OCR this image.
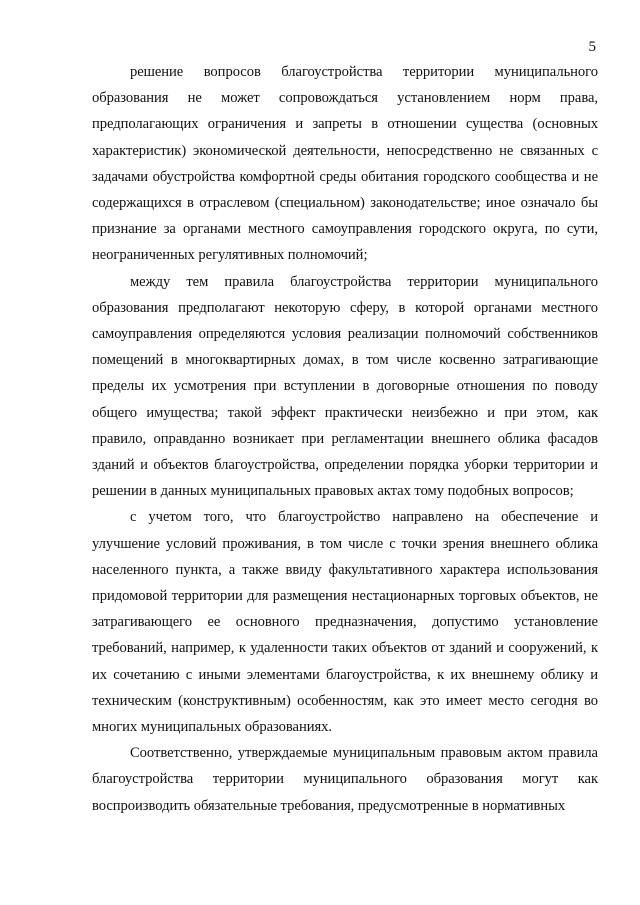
5

решение вопросов благоустройства территории муниципального образования не может сопровождаться установлением норм права, предполагающих ограничения и запреты в отношении существа (основных характеристик) экономической деятельности, непосредственно не связанных с задачами обустройства комфортной среды обитания городского сообщества и не содержащихся в отраслевом (специальном) законодательстве; иное означало бы признание за органами местного самоуправления городского округа, по сути, неограниченных регулятивных полномочий;

между тем правила благоустройства территории муниципального образования предполагают некоторую сферу, в которой органами местного самоуправления определяются условия реализации полномочий собственников помещений в многоквартирных домах, в том числе косвенно затрагивающие пределы их усмотрения при вступлении в договорные отношения по поводу общего имущества; такой эффект практически неизбежно и при этом, как правило, оправданно возникает при регламентации внешнего облика фасадов зданий и объектов благоустройства, определении порядка уборки территории и решении в данных муниципальных правовых актах тому подобных вопросов;

с учетом того, что благоустройство направлено на обеспечение и улучшение условий проживания, в том числе с точки зрения внешнего облика населенного пункта, а также ввиду факультативного характера использования придомовой территории для размещения нестационарных торговых объектов, не затрагивающего ее основного предназначения, допустимо установление требований, например, к удаленности таких объектов от зданий и сооружений, к их сочетанию с иными элементами благоустройства, к их внешнему облику и техническим (конструктивным) особенностям, как это имеет место сегодня во многих муниципальных образованиях.

Соответственно, утверждаемые муниципальным правовым актом правила благоустройства территории муниципального образования могут как воспроизводить обязательные требования, предусмотренные в нормативных
